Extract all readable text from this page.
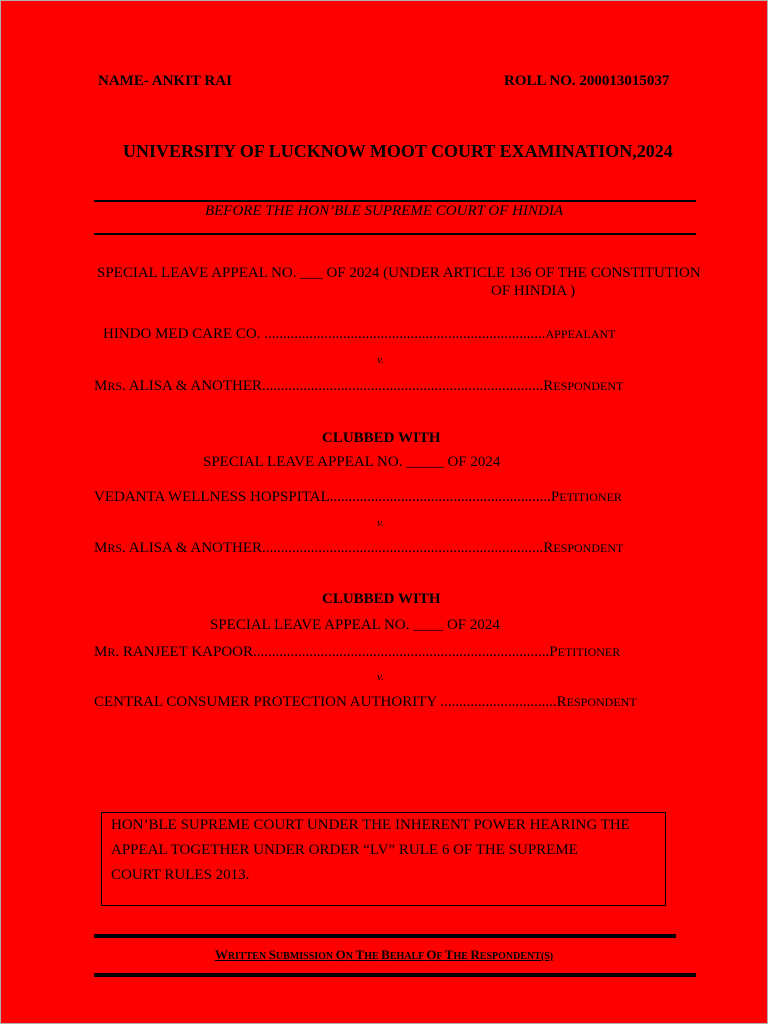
NAME- ANKIT RAI	ROLL NO. 200013015037
UNIVERSITY OF LUCKNOW MOOT COURT EXAMINATION,2024
BEFORE THE HON’BLE SUPREME COURT OF HINDIA
SPECIAL LEAVE APPEAL NO. ___ OF 2024 (UNDER ARTICLE 136 OF THE CONSTITUTION
OF HINDIA )
HINDO MED CARE CO. ...........................................................................APPEALANT
v.
MRS. ALISA & ANOTHER...........................................................................RESPONDENT
CLUBBED WITH
SPECIAL LEAVE APPEAL NO. _____ OF 2024
VEDANTA WELLNESS HOPSPITAL...........................................................PETITIONER
v.
MRS. ALISA & ANOTHER...........................................................................RESPONDENT
CLUBBED WITH
SPECIAL LEAVE APPEAL NO. ____ OF 2024
MR. RANJEET KAPOOR...............................................................................PETITIONER
v.
CENTRAL CONSUMER PROTECTION AUTHORITY ...............................RESPONDENT
HON’BLE SUPREME COURT UNDER THE INHERENT POWER HEARING THE
APPEAL TOGETHER UNDER ORDER “LV” RULE 6 OF THE SUPREME
COURT RULES 2013.
WRITTEN SUBMISSION ON THE BEHALF OF THE RESPONDENT(S)
